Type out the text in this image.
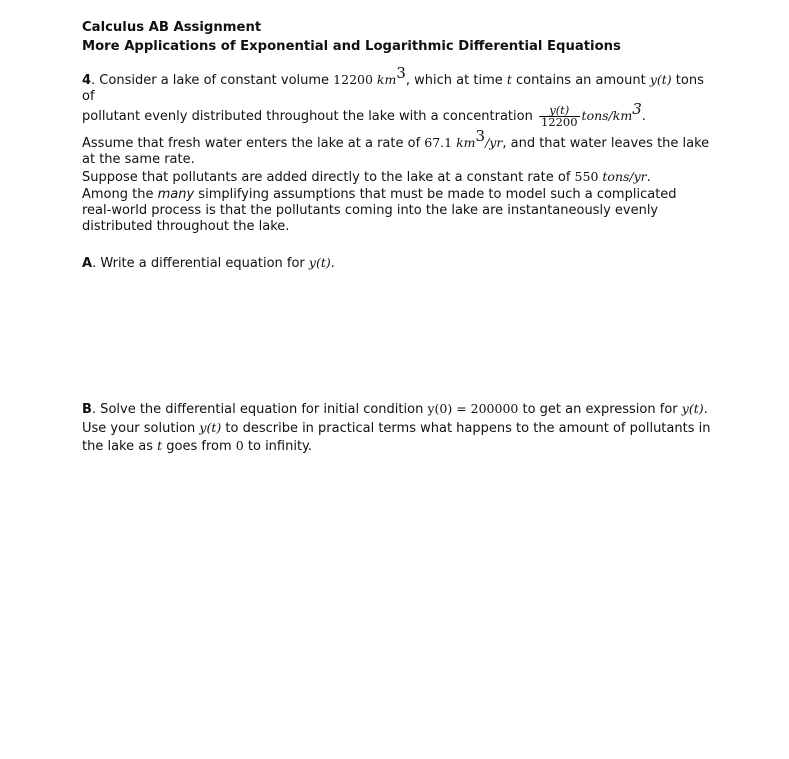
Calculus AB Assignment
More Applications of Exponential and Logarithmic Differential Equations

4. Consider a lake of constant volume 12200 $km^3$, which at time t contains an amount y(t) tons of
pollutant evenly distributed throughout the lake with a concentration $\frac{y(t)}{12200}$ tons/$km^3$.

Assume that fresh water enters the lake at a rate of 67.1 $km^3/yr$, and that water leaves the lake at the same rate.

Suppose that pollutants are added directly to the lake at a constant rate of 550 tons/yr.

Among the many simplifying assumptions that must be made to model such a complicated real-world process is that the pollutants coming into the lake are instantaneously evenly distributed throughout the lake.

A. Write a differential equation for y(t).

B. Solve the differential equation for initial condition y(0) = 200000 to get an expression for y(t).
Use your solution y(t) to describe in practical terms what happens to the amount of pollutants in the lake as t goes from 0 to infinity.
